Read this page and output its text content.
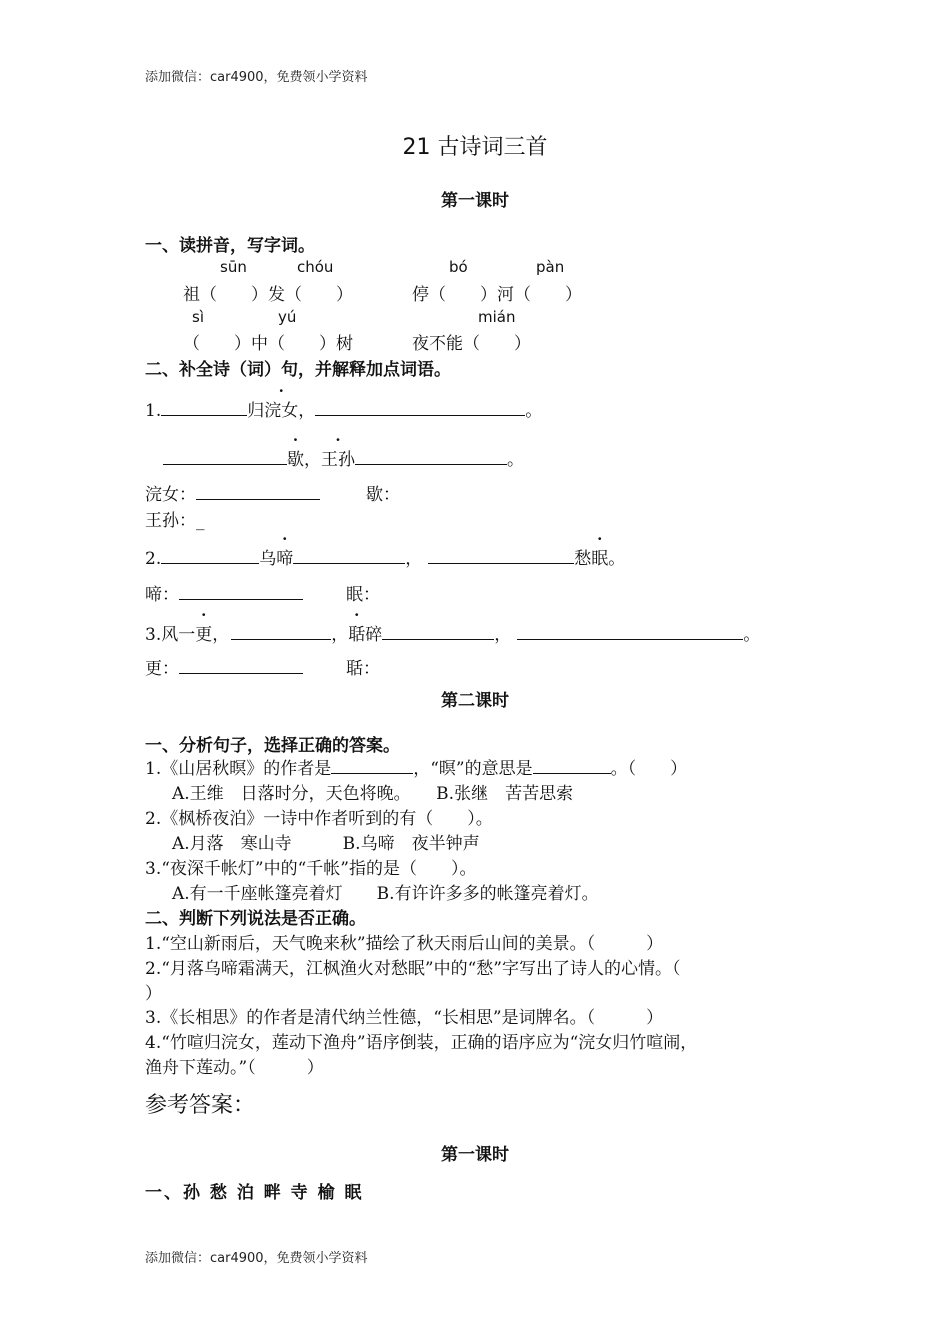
添加微信：car4900，免费领小学资料
21 古诗词三首
第一课时
一、读拼音，写字词。
sūn	chóu	bó	pàn
祖（　　）发（　　）	停（　　）河（　　）
sì	yú	mián
（　　）中（　　）树	夜不能（　　）
二、补全诗（词）句，并解释加点词语。
1.	归浣女，	。
歇，王孙	。
浣女：	歇：
王孙：_
2.	乌啼	，	愁眠。
啼：	眠：
3.风一更，	，聒碎	，	。
更：	聒：
第二课时
一、分析句子，选择正确的答案。
1.《山居秋暝》的作者是	，“暝”的意思是	。（　　）
A.王维　日落时分，天色将晚。　　B.张继　苦苦思索
2.《枫桥夜泊》一诗中作者听到的有（　　）。
A.月落　寒山寺　　　B.乌啼　夜半钟声
3.“夜深千帐灯”中的“千帐”指的是（　　）。
A.有一千座帐篷亮着灯　　B.有许许多多的帐篷亮着灯。
二、判断下列说法是否正确。
1.“空山新雨后，天气晚来秋”描绘了秋天雨后山间的美景。（　　　）
2.“月落乌啼霜满天，江枫渔火对愁眠”中的“愁”字写出了诗人的心情。（
）
3.《长相思》的作者是清代纳兰性德，“长相思”是词牌名。（　　　）
4.“竹喧归浣女，莲动下渔舟”语序倒装，正确的语序应为“浣女归竹喧闹，
渔舟下莲动。”（　　　）
参考答案：
第一课时
一、孙 愁 泊 畔 寺 榆 眠
添加微信：car4900，免费领小学资料
